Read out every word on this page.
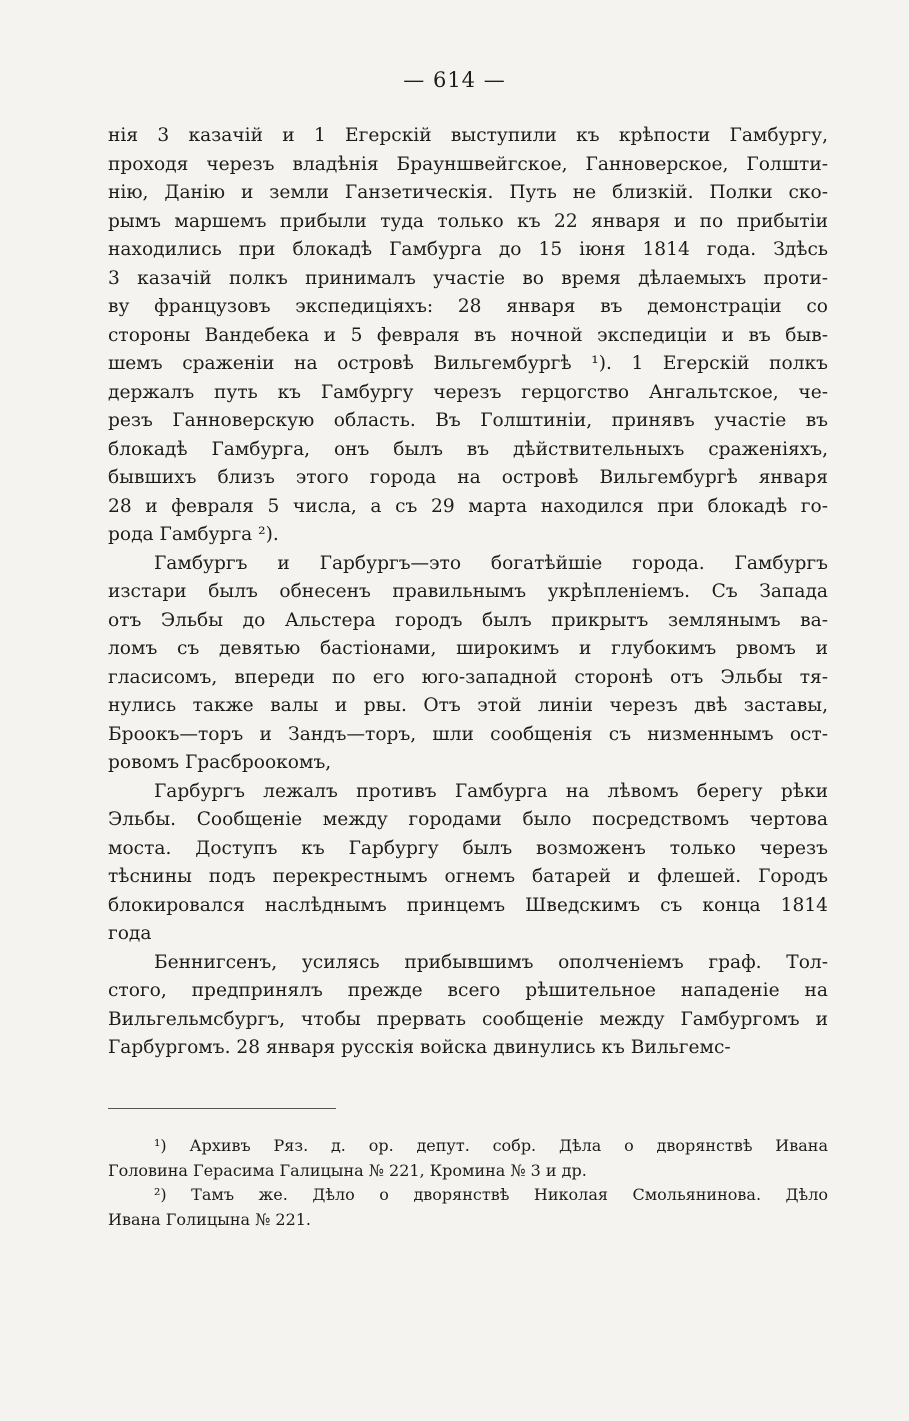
— 614 —
нія 3 казачій и 1 Егерскій выступили къ крѣпости Гамбургу,
проходя черезъ владѣнія Брауншвейгское, Ганноверское, Голшти-
нію, Данію и земли Ганзетическія. Путь не близкій. Полки ско-
рымъ маршемъ прибыли туда только къ 22 января и по прибытіи
находились при блокадѣ Гамбурга до 15 іюня 1814 года. Здѣсь
3 казачій полкъ принималъ участіе во время дѣлаемыхъ проти-
ву французовъ экспедиціяхъ: 28 января въ демонстраціи со
стороны Вандебека и 5 февраля въ ночной экспедиціи и въ быв-
шемъ сраженіи на островѣ Вильгембургѣ ¹). 1 Егерскій полкъ
держалъ путь къ Гамбургу черезъ герцогство Ангальтское, че-
резъ Ганноверскую область. Въ Голштиніи, принявъ участіе въ
блокадѣ Гамбурга, онъ былъ въ дѣйствительныхъ сраженіяхъ,
бывшихъ близъ этого города на островѣ Вильгембургѣ января
28 и февраля 5 числа, а съ 29 марта находился при блокадѣ го-
рода Гамбурга ²).
Гамбургъ и Гарбургъ—это богатѣйшіе города. Гамбургъ
изстари былъ обнесенъ правильнымъ укрѣпленіемъ. Съ Запада
отъ Эльбы до Альстера городъ былъ прикрытъ землянымъ ва-
ломъ съ девятью бастіонами, широкимъ и глубокимъ рвомъ и
гласисомъ, впереди по его юго-западной сторонѣ отъ Эльбы тя-
нулись также валы и рвы. Отъ этой линіи черезъ двѣ заставы,
Броокъ—торъ и Зандъ—торъ, шли сообщенія съ низменнымъ ост-
ровомъ Грасброокомъ,
Гарбургъ лежалъ противъ Гамбурга на лѣвомъ берегу рѣки
Эльбы. Сообщеніе между городами было посредствомъ чертова
моста. Доступъ къ Гарбургу былъ возможенъ только черезъ
тѣснины подъ перекрестнымъ огнемъ батарей и флешей. Городъ
блокировался наслѣднымъ принцемъ Шведскимъ съ конца 1814
года
Беннигсенъ, усилясь прибывшимъ ополченіемъ граф. Тол-
стого, предпринялъ прежде всего рѣшительное нападеніе на
Вильгельмсбургъ, чтобы прервать сообщеніе между Гамбургомъ и
Гарбургомъ. 28 января русскія войска двинулись къ Вильгемс-
¹) Архивъ Ряз. д. ор. депут. собр. Дѣла о дворянствѣ Ивана
Головина Герасима Галицына № 221, Кромина № 3 и др.
²) Тамъ же. Дѣло о дворянствѣ Николая Смольянинова. Дѣло
Ивана Голицына № 221.
